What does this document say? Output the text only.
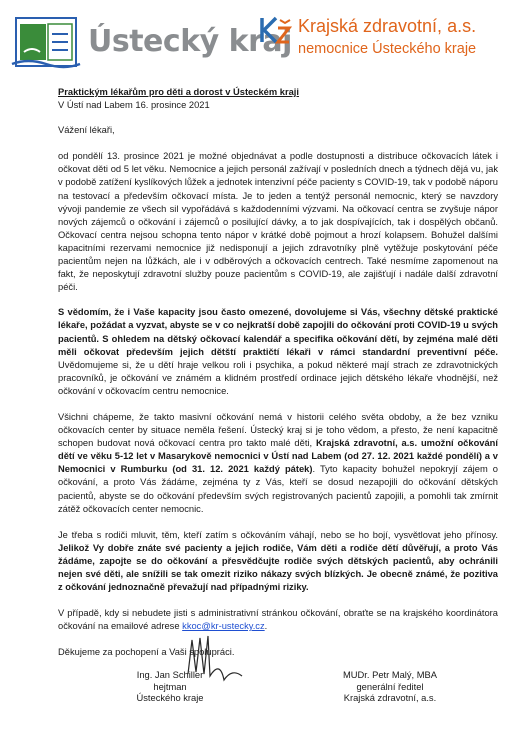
Ústecký kraj Krajská zdravotní, a.s.
nemocnice Ústeckého kraje
Praktickým lékařům pro děti a dorost v Ústeckém kraji
V Ústí nad Labem 16. prosince 2021
Vážení lékaři,

od pondělí 13. prosince 2021 je možné objednávat a podle dostupnosti a distribuce očkovacích látek i očkovat děti od 5 let věku. Nemocnice a jejich personál zažívají v posledních dnech a týdnech dějá vu, jak v podobě zatížení kyslíkových lůžek a jednotek intenzivní péče pacienty s COVID-19, tak v podobě náporu na testovací a především očkovací místa. Je to jeden a tentýž personál nemocnic, který se navzdory vývoji pandemie ze všech sil vypořádává s každodenními výzvami. Na očkovací centra se zvyšuje nápor nových zájemců o očkování i zájemců o posilující dávky, a to jak dospívajících, tak i dospělých občanů. Očkovací centra nejsou schopna tento nápor v krátké době pojmout a hrozí kolapsem. Bohužel dalšími kapacitními rezervami nemocnice již nedisponují a jejich zdravotníky plně vytěžuje poskytování péče pacientům nejen na lůžkách, ale i v odběrových a očkovacích centrech. Také nesmíme zapomenout na fakt, že neposkytují zdravotní služby pouze pacientům s COVID-19, ale zajišťují i nadále další zdravotní péči.

S vědomím, že i Vaše kapacity jsou často omezené, dovolujeme si Vás, všechny dětské praktické lékaře, požádat a vyzvat, abyste se v co nejkratší době zapojili do očkování proti COVID-19 u svých pacientů. S ohledem na dětský očkovací kalendář a specifika očkování dětí, by zejména malé děti měli očkovat především jejich dětští praktičtí lékaři v rámci standardní preventivní péče. Uvědomujeme si, že u dětí hraje velkou roli i psychika, a pokud některé mají strach ze zdravotnických pracovníků, je očkování ve známém a klidném prostředí ordinace jejich dětského lékaře vhodnější, než očkování v očkovacím centru nemocnice.

Všichni chápeme, že takto masivní očkování nemá v historii celého světa obdoby, a že bez vzniku očkovacích center by situace neměla řešení. Ústecký kraj si je toho vědom, a přesto, že není kapacitně schopen budovat nová očkovací centra pro takto malé děti, Krajská zdravotní, a.s. umožní očkování dětí ve věku 5-12 let v Masarykově nemocnici v Ústí nad Labem (od 27. 12. 2021 každé pondělí) a v Nemocnici v Rumburku (od 31. 12. 2021 každý pátek). Tyto kapacity bohužel nepokryjí zájem o očkování, a proto Vás žádáme, zejména ty z Vás, kteří se dosud nezapojili do očkování dětských pacientů, abyste se do očkování především svých registrovaných pacientů zapojili, a pomohli tak zmírnit zátěž očkovacích center nemocnic.

Je třeba s rodiči mluvit, těm, kteří zatím s očkováním váhají, nebo se ho bojí, vysvětlovat jeho přínosy. Jelikož Vy dobře znáte své pacienty a jejich rodiče, Vám děti a rodiče dětí důvěřují, a proto Vás žádáme, zapojte se do očkování a přesvědčujte rodiče svých dětských pacientů, aby ochránili nejen své děti, ale snížili se tak omezit riziko nákazy svých blízkých. Je obecně známé, že pozitiva z očkování jednoznačně převažují nad případnými riziky.

V případě, kdy si nebudete jisti s administrativní stránkou očkování, obraťte se na krajského koordinátora očkování na emailové adrese kkoc@kr-ustecky.cz.

Děkujeme za pochopení a Vaši spolupráci.
Ing. Jan Schiller
hejtman
Ústeckého kraje
MUDr. Petr Malý, MBA
generální ředitel
Krajská zdravotní, a.s.
